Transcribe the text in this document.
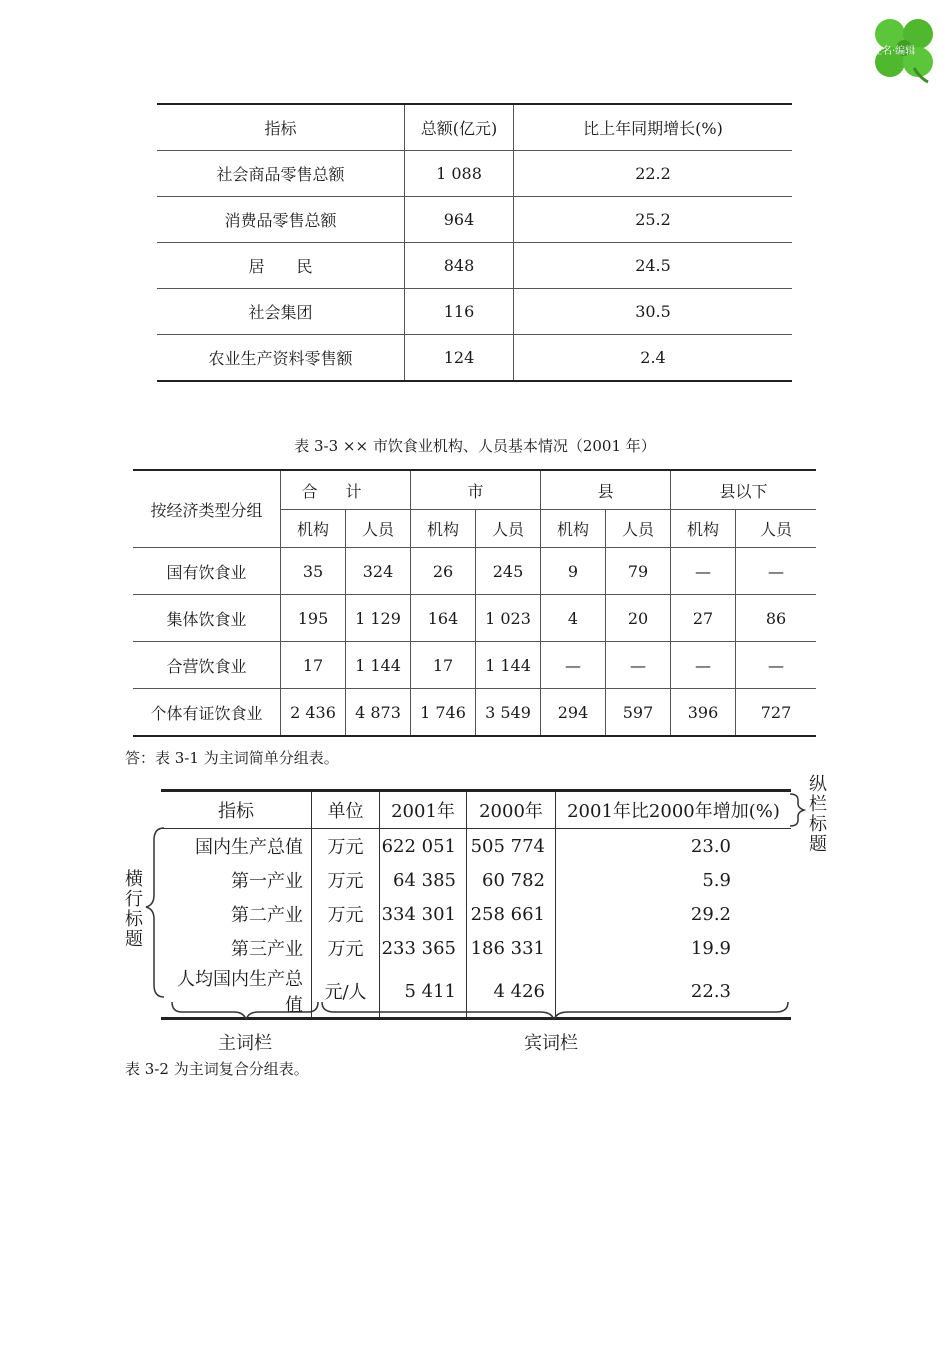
姓名·编辑
指标	总额(亿元)	比上年同期增长(%)
社会商品零售总额	1 088	22.2
消费品零售总额	964	25.2
居　　民	848	24.5
社会集团	116	30.5
农业生产资料零售额	124	2.4
表 3-3 ×× 市饮食业机构、人员基本情况（2001 年）
按经济类型分组	合计		市		县		县以下	
	机构	人员	机构	人员	机构	人员	机构	人员
国有饮食业	35	324	26	245	9	79	—	—
集体饮食业	195	1 129	164	1 023	4	20	27	86
合营饮食业	17	1 144	17	1 144	—	—	—	—
个体有证饮食业	2 436	4 873	1 746	3 549	294	597	396	727
答：表 3-1 为主词简单分组表。
指标	单位	2001年	2000年	2001年比2000年增加(%)
国内生产总值	万元	622 051	505 774	23.0
第一产业	万元	64 385	60 782	5.9
第二产业	万元	334 301	258 661	29.2
第三产业	万元	233 365	186 331	19.9
人均国内生产总值	元/人	5 411	4 426	22.3
纵栏标题
横行标题
主词栏	宾词栏
表 3-2 为主词复合分组表。
